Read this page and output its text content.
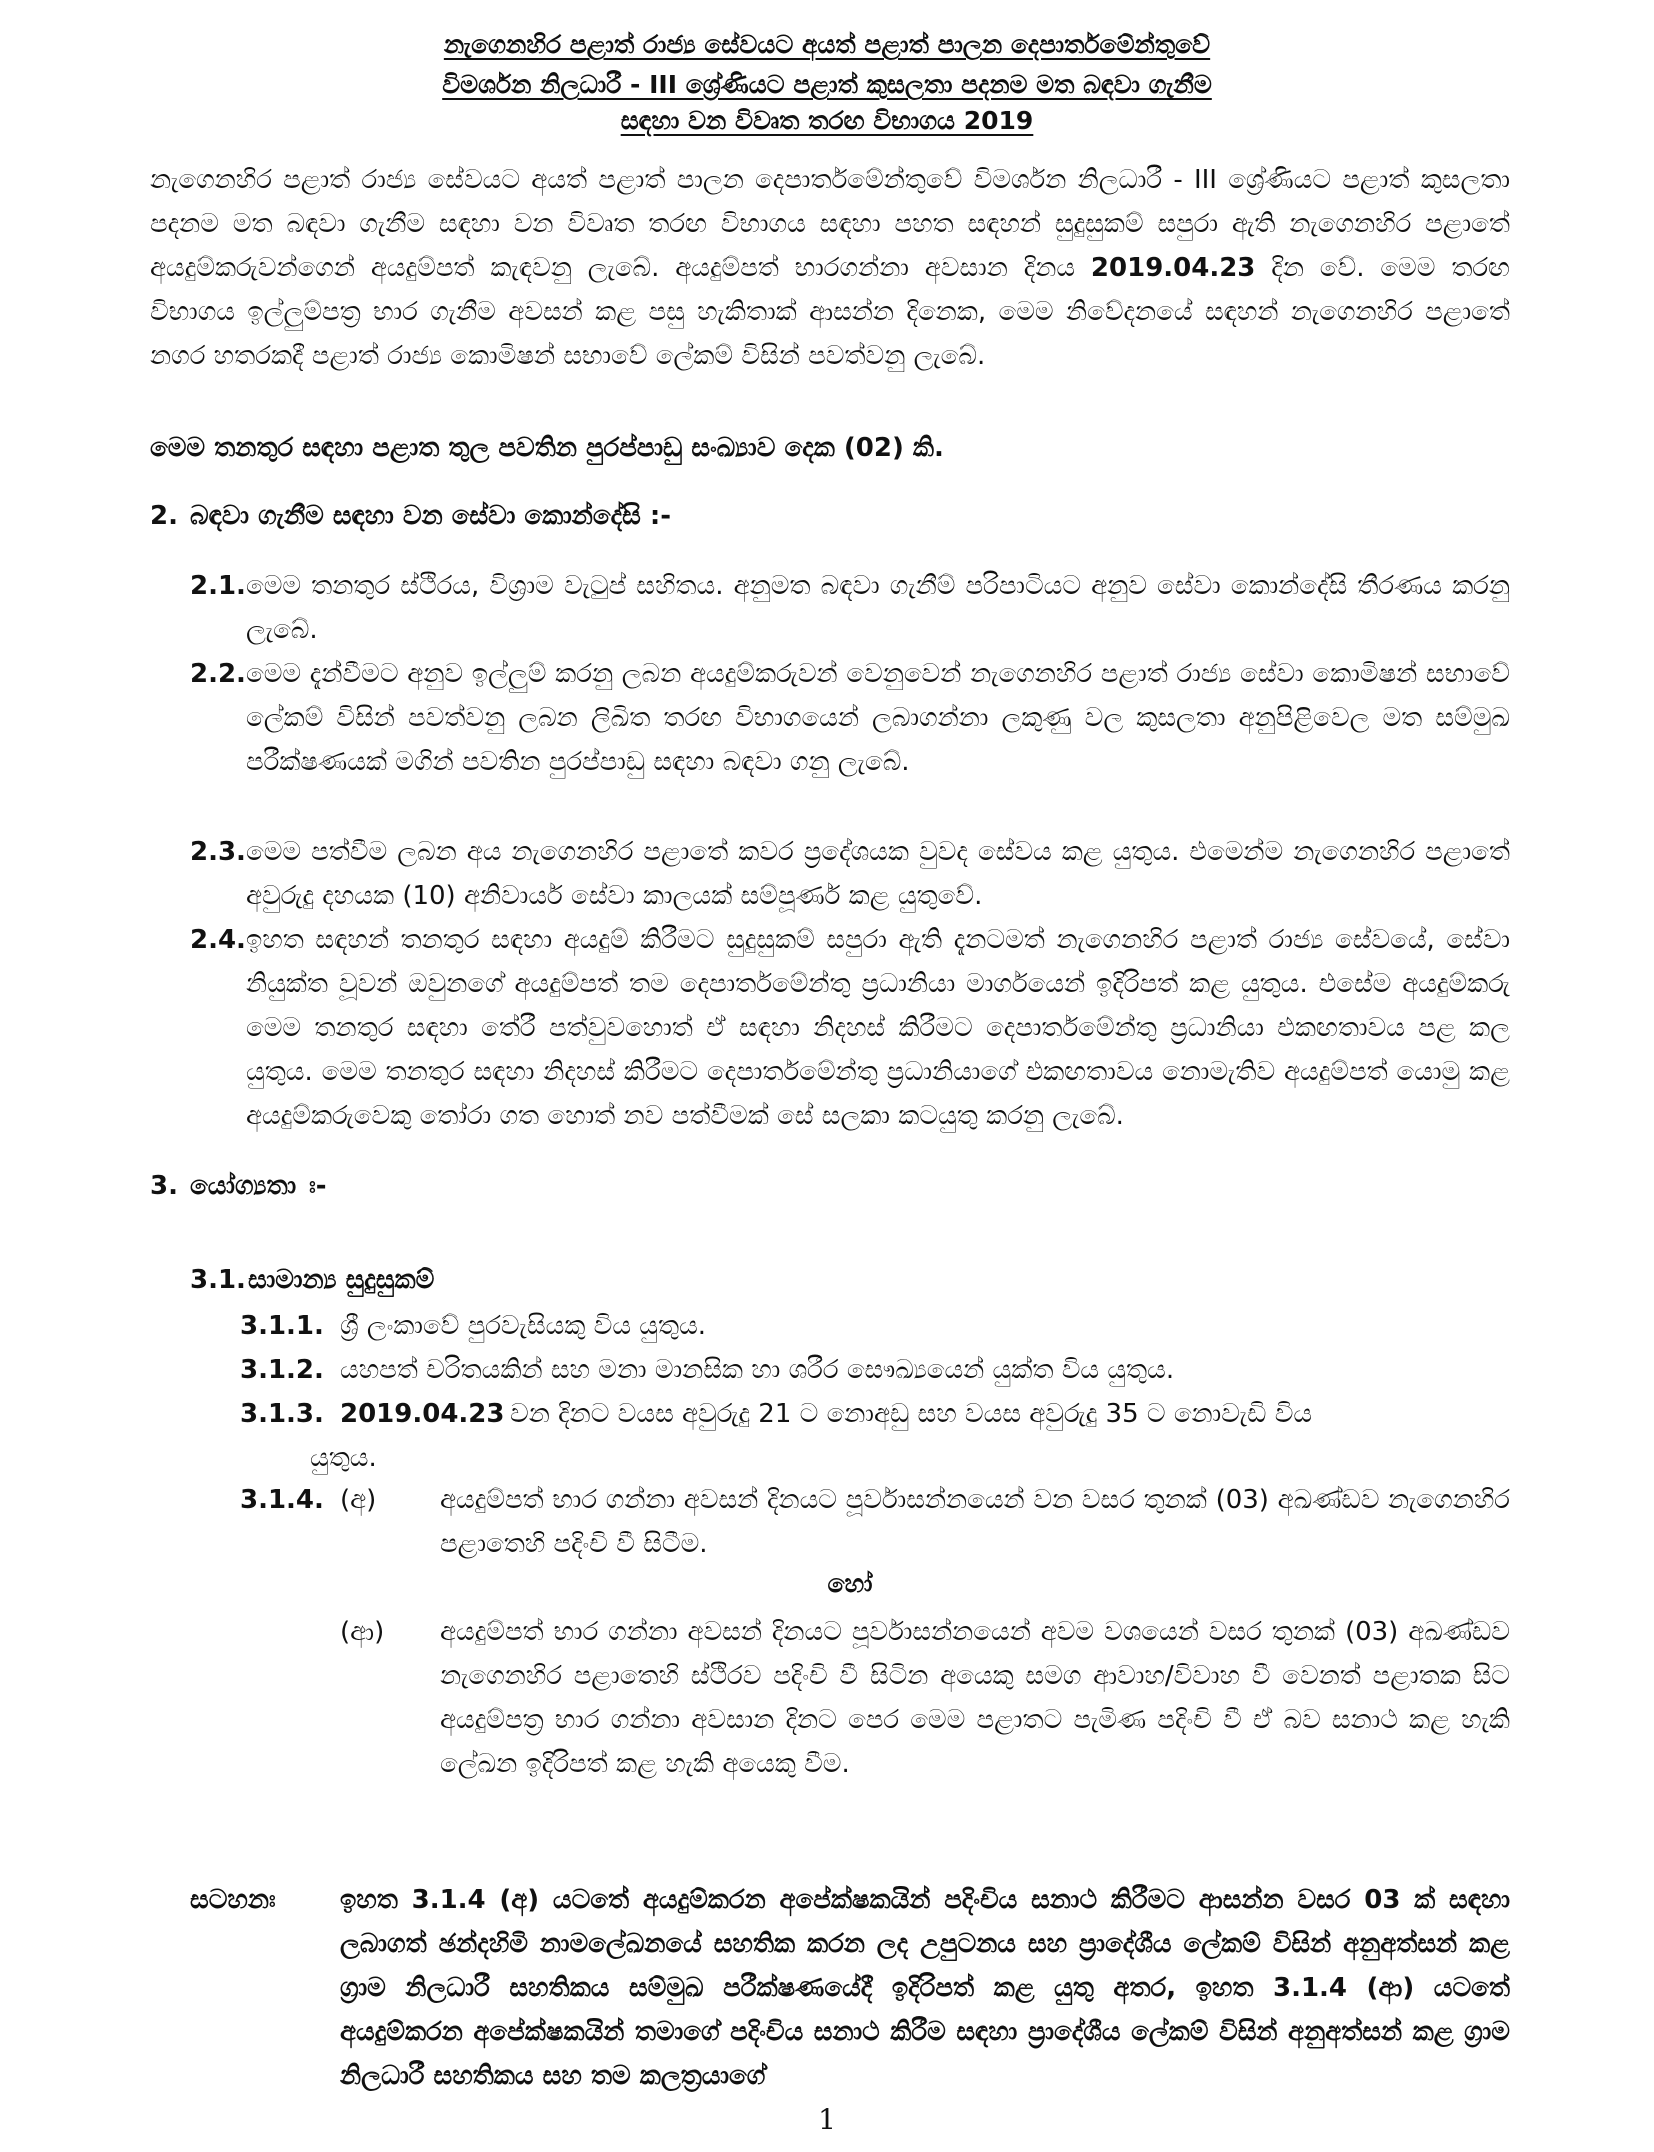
නැගෙනහිර පළාත් රාජ්‍ය සේවයට අයත් පළාත් පාලන දෙපාර්තමේන්තුවේ
විමර්ශන නිලධාරී - III ශ්‍රේණියට පළාත් කුසලතා පදනම මත බඳවා ගැනීම
සඳහා වන විවෘත තරඟ විභාගය 2019
නැගෙනහිර පළාත් රාජ්‍ය සේවයට අයත් පළාත් පාලන දෙපාර්තමේන්තුවේ විමර්ශන නිලධාරී - III ශ්‍රේණියට පළාත් කුසලතා පදනම මත බඳවා ගැනීම සඳහා වන විවෘත තරඟ විභාගය සඳහා පහත සඳහන් සුදුසුකම් සපුරා ඇති නැගෙනහිර පළාතේ අයදුම්කරුවන්ගෙන් අයදුම්පත් කැඳවනු ලැබේ. අයදුම්පත් භාරගන්නා අවසාන දිනය 2019.04.23 දින වේ. මෙම තරඟ විභාගය ඉල්ලුම්පත්‍ර භාර ගැනීම අවසන් කළ පසු හැකිතාක් ආසන්න දිනෙක, මෙම නිවේදනයේ සඳහන් නැගෙනහිර පළාතේ නගර හතරකදී පළාත් රාජ්‍ය කොමිෂන් සභාවේ ලේකම් විසින් පවත්වනු ලැබේ.
මෙම තනතුර සඳහා පළාත තුල පවතින පුරප්පාඩු සංඛ්‍යාව දෙක (02) කි.
2. බඳවා ගැනීම සඳහා වන සේවා කොන්දේසි :-
2.1. මෙම තනතුර ස්ථිරය, විශ්‍රාම වැටුප් සහිතය. අනුමත බඳවා ගැනීම් පරිපාටියට අනුව සේවා කොන්දේසි තීරණය කරනු ලැබේ.
2.2. මෙම දැන්වීමට අනුව ඉල්ලුම් කරනු ලබන අයදුම්කරුවන් වෙනුවෙන් නැගෙනහිර පළාත් රාජ්‍ය සේවා කොමිෂන් සභාවේ ලේකම් විසින් පවත්වනු ලබන ලිඛිත තරඟ විභාගයෙන් ලබාගන්නා ලකුණු වල කුසලතා අනුපිළිවෙල මත සම්මුඛ පරීක්ෂණයක් මගින් පවතින පුරප්පාඩු සඳහා බඳවා ගනු ලැබේ.
2.3. මෙම පත්වීම ලබන අය නැගෙනහිර පළාතේ කවර ප්‍රදේශයක වුවද සේවය කළ යුතුය. එමෙන්ම නැගෙනහිර පළාතේ අවුරුදු දහයක (10) අනිවාර්ය සේවා කාලයක් සම්පූර්ණ කළ යුතුවේ.
2.4. ඉහත සඳහන් තනතුර සඳහා අයදුම් කිරීමට සුදුසුකම් සපුරා ඇති දැනටමත් නැගෙනහිර පළාත් රාජ්‍ය සේවයේ, සේවා නියුක්ත වූවන් ඔවුනගේ අයදුම්පත් තම දෙපාර්තමේන්තු ප්‍රධානියා මාර්ගයෙන් ඉදිරිපත් කළ යුතුය. එසේම අයදුම්කරු මෙම තනතුර සඳහා තේරී පත්වුවහොත් ඒ සඳහා නිදහස් කිරීමට දෙපාර්තමේන්තු ප්‍රධානියා එකඟතාවය පළ කල යුතුය. මෙම තනතුර සඳහා නිදහස් කිරීමට දෙපාර්තමේන්තු ප්‍රධානියාගේ එකඟතාවය නොමැතිව අයදුම්පත් යොමු කළ අයදුම්කරුවෙකු තෝරා ගත හොත් නව පත්වීමක් සේ සලකා කටයුතු කරනු ලැබේ.
3. යෝග්‍යතා ඃ-
3.1. සාමාන්‍ය සුදුසුකම්
3.1.1. ශ්‍රී ලංකාවේ පුරවැසියකු විය යුතුය.
3.1.2. යහපත් චරිතයකින් සහ මනා මානසික හා ශරීර සෞඛ්‍යයෙන් යුක්ත විය යුතුය.
3.1.3. 2019.04.23 වන දිනට වයස අවුරුදු 21 ට නොඅඩු සහ වයස අවුරුදු 35 ට නොවැඩි විය
යුතුය.
3.1.4. (අ) අයදුම්පත් භාර ගන්නා අවසන් දිනයට පූර්වාසන්නයෙන් වන වසර තුනක් (03) අඛණ්ඩව නැගෙනහිර පළාතෙහි පදිංචි වී සිටීම.
හෝ
(ආ) අයදුම්පත් භාර ගන්නා අවසන් දිනයට පූර්වාසන්නයෙන් අවම වශයෙන් වසර තුනක් (03) අඛණ්ඩව නැගෙනහිර පළාතෙහි ස්ථිරව පදිංචි වී සිටින අයෙකු සමග ආවාහ/විවාහ වී වෙනත් පළාතක සිට අයදුම්පත්‍ර භාර ගන්නා අවසාන දිනට පෙර මෙම පළාතට පැමිණ පදිංචි වී ඒ බව සනාථ කළ හැකි ලේඛන ඉදිරිපත් කළ හැකි අයෙකු වීම.
සටහනඃ ඉහත 3.1.4 (අ) යටතේ අයදුම්කරන අපේක්ෂකයින් පදිංචිය සනාථ කිරීමට ආසන්න වසර 03 ක් සඳහා ලබාගත් ඡන්දහිමි නාමලේඛනයේ සහතික කරන ලද උපුටනය සහ ප්‍රාදේශීය ලේකම් විසින් අනුඅත්සන් කළ ග්‍රාම නිලධාරී සහතිකය සම්මුඛ පරීක්ෂණයේදී ඉදිරිපත් කළ යුතු අතර, ඉහත 3.1.4 (ආ) යටතේ අයදුම්කරන අපේක්ෂකයින් තමාගේ පදිංචිය සනාථ කිරීම සඳහා ප්‍රාදේශීය ලේකම් විසින් අනුඅත්සන් කළ ග්‍රාම නිලධාරී සහතිකය සහ තම කලත්‍රයාගේ
1
